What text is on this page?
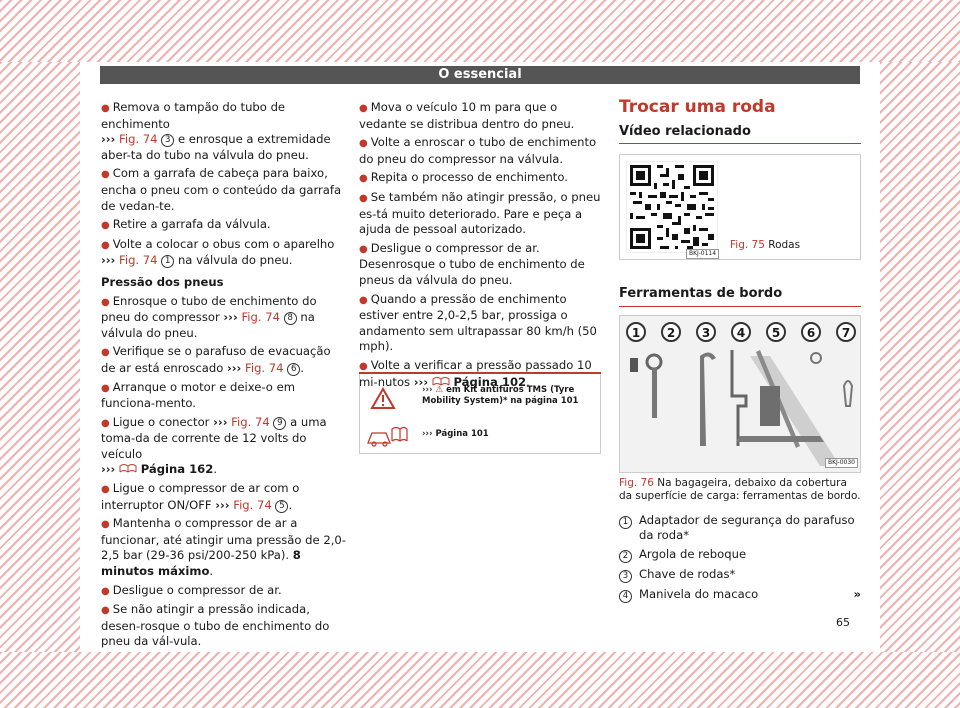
O essencial
● Remova o tampão do tubo de enchimento
››› Fig. 74 3 e enrosque a extremidade aber-ta do tubo na válvula do pneu.
● Com a garrafa de cabeça para baixo, encha o pneu com o conteúdo da garrafa de vedan-te.
● Retire a garrafa da válvula.
● Volte a colocar o obus com o aparelho
››› Fig. 74 1 na válvula do pneu.
Pressão dos pneus
● Enrosque o tubo de enchimento do pneu do compressor ››› Fig. 74 8 na válvula do pneu.
● Verifique se o parafuso de evacuação de ar está enroscado ››› Fig. 74 6 .
● Arranque o motor e deixe-o em funciona-mento.
● Ligue o conector ››› Fig. 74 9 a uma toma-da de corrente de 12 volts do veículo
››› Página 162.
● Ligue o compressor de ar com o interruptor ON/OFF ››› Fig. 74 5 .
● Mantenha o compressor de ar a funcionar, até atingir uma pressão de 2,0-2,5 bar (29-36 psi/200-250 kPa). 8 minutos máximo.
● Desligue o compressor de ar.
● Se não atingir a pressão indicada, desen-rosque o tubo de enchimento do pneu da vál-vula.
● Mova o veículo 10 m para que o vedante se distribua dentro do pneu.
● Volte a enroscar o tubo de enchimento do pneu do compressor na válvula.
● Repita o processo de enchimento.
● Se também não atingir pressão, o pneu es-tá muito deteriorado. Pare e peça a ajuda de pessoal autorizado.
● Desligue o compressor de ar. Desenrosque o tubo de enchimento de pneus da válvula do pneu.
● Quando a pressão de enchimento estiver entre 2,0-2,5 bar, prossiga o andamento sem ultrapassar 80 km/h (50 mph).
● Volte a verificar a pressão passado 10 mi-nutos ››› Página 102.
››› ⚠ em Kit antifuros TMS (Tyre Mobility System)* na página 101
››› Página 101
Trocar uma roda
Vídeo relacionado
BKJ-0114
Fig. 75 Rodas
Ferramentas de bordo
1	2	3	4	5	6	7
BKJ-0030
Fig. 76 Na bagageira, debaixo da cobertura da superfície de carga: ferramentas de bordo.
1 Adaptador de segurança do parafuso da roda*
2 Argola de reboque
3 Chave de rodas*
4 Manivela do macaco	»
65
